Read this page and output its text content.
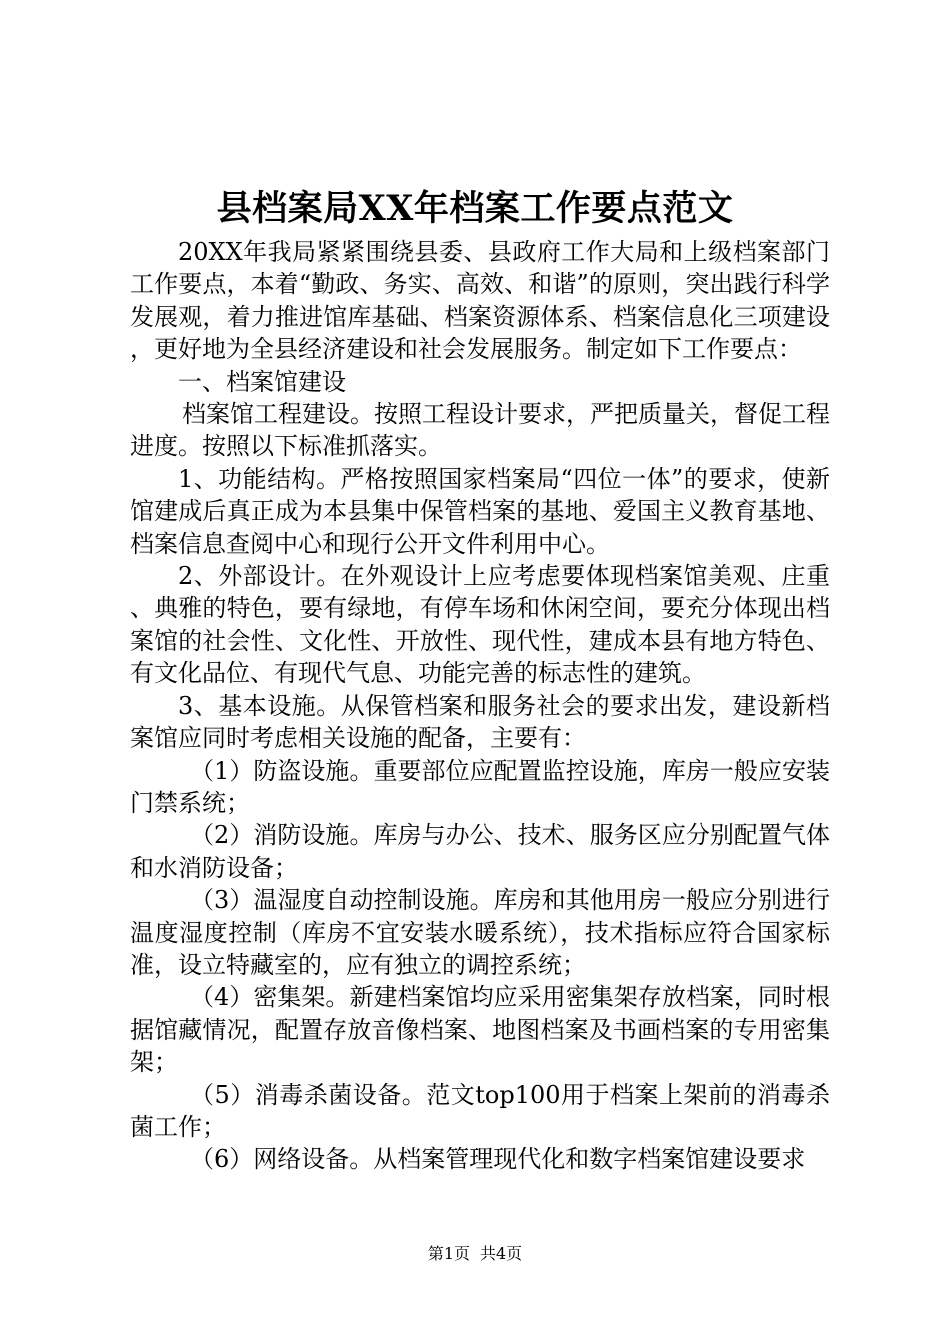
县档案局XX年档案工作要点范文

20XX年我局紧紧围绕县委、县政府工作大局和上级档案部门工作要点，本着“勤政、务实、高效、和谐”的原则，突出践行科学发展观，着力推进馆库基础、档案资源体系、档案信息化三项建设，更好地为全县经济建设和社会发展服务。制定如下工作要点：

一、档案馆建设

档案馆工程建设。按照工程设计要求，严把质量关，督促工程进度。按照以下标准抓落实。

1、功能结构。严格按照国家档案局“四位一体”的要求，使新馆建成后真正成为本县集中保管档案的基地、爱国主义教育基地、档案信息查阅中心和现行公开文件利用中心。

2、外部设计。在外观设计上应考虑要体现档案馆美观、庄重、典雅的特色，要有绿地，有停车场和休闲空间，要充分体现出档案馆的社会性、文化性、开放性、现代性，建成本县有地方特色、有文化品位、有现代气息、功能完善的标志性的建筑。

3、基本设施。从保管档案和服务社会的要求出发，建设新档案馆应同时考虑相关设施的配备，主要有：

（1）防盗设施。重要部位应配置监控设施，库房一般应安装门禁系统；

（2）消防设施。库房与办公、技术、服务区应分别配置气体和水消防设备；

（3）温湿度自动控制设施。库房和其他用房一般应分别进行温度湿度控制（库房不宜安装水暖系统），技术指标应符合国家标准，设立特藏室的，应有独立的调控系统；

（4）密集架。新建档案馆均应采用密集架存放档案，同时根据馆藏情况，配置存放音像档案、地图档案及书画档案的专用密集架；

（5）消毒杀菌设备。范文top100用于档案上架前的消毒杀菌工作；

（6）网络设备。从档案管理现代化和数字档案馆建设要求

第1页 共4页
